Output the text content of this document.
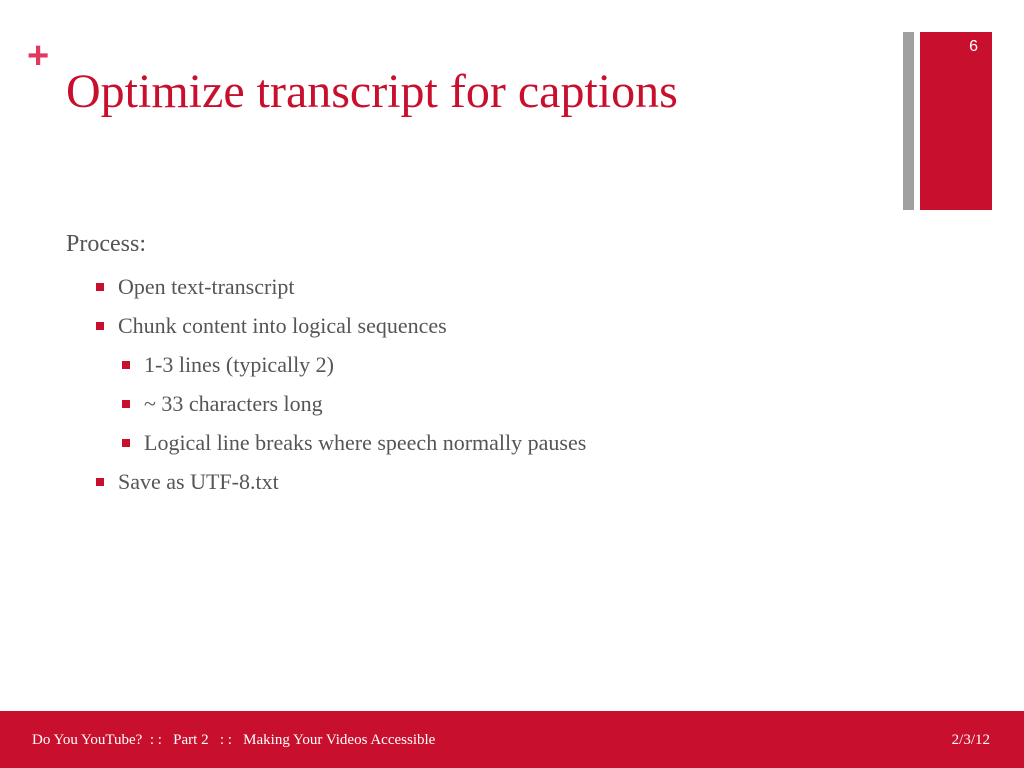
+
Optimize transcript for captions
6
Process:
Open text-transcript
Chunk content into logical sequences
1-3 lines (typically 2)
~ 33 characters long
Logical line breaks where speech normally pauses
Save as UTF-8.txt
Do You YouTube?  : :   Part 2   : :   Making Your Videos Accessible	2/3/12
